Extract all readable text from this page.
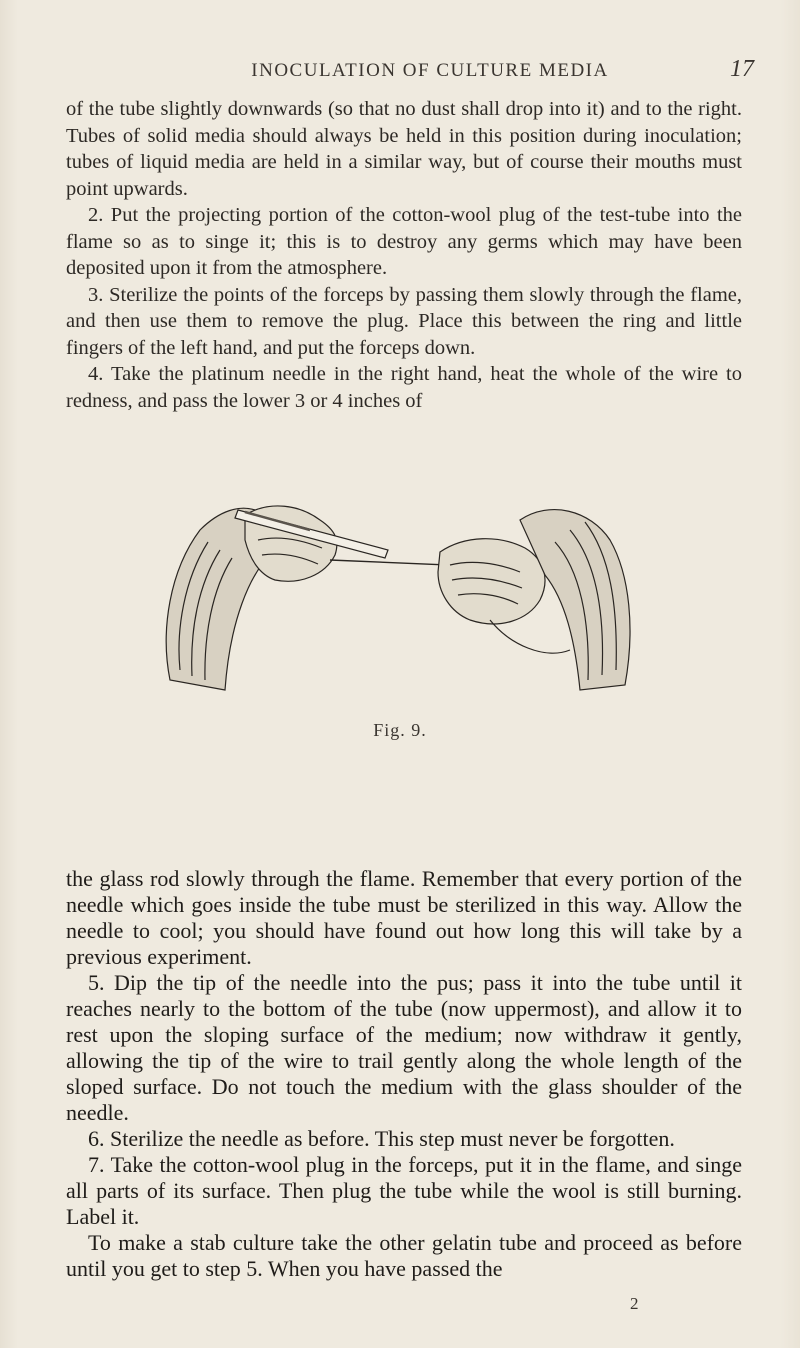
INOCULATION OF CULTURE MEDIA	17

of the tube slightly downwards (so that no dust shall drop into it) and to the right. Tubes of solid media should always be held in this position during inoculation; tubes of liquid media are held in a similar way, but of course their mouths must point upwards.

2. Put the projecting portion of the cotton-wool plug of the test-tube into the flame so as to singe it; this is to destroy any germs which may have been deposited upon it from the atmosphere.

3. Sterilize the points of the forceps by passing them slowly through the flame, and then use them to remove the plug. Place this between the ring and little fingers of the left hand, and put the forceps down.

4. Take the platinum needle in the right hand, heat the whole of the wire to redness, and pass the lower 3 or 4 inches of

Fig. 9.

the glass rod slowly through the flame. Remember that every portion of the needle which goes inside the tube must be sterilized in this way. Allow the needle to cool; you should have found out how long this will take by a previous experiment.

5. Dip the tip of the needle into the pus; pass it into the tube until it reaches nearly to the bottom of the tube (now uppermost), and allow it to rest upon the sloping surface of the medium; now withdraw it gently, allowing the tip of the wire to trail gently along the whole length of the sloped surface. Do not touch the medium with the glass shoulder of the needle.

6. Sterilize the needle as before. This step must never be forgotten.

7. Take the cotton-wool plug in the forceps, put it in the flame, and singe all parts of its surface. Then plug the tube while the wool is still burning. Label it.

To make a stab culture take the other gelatin tube and proceed as before until you get to step 5. When you have passed the

2
